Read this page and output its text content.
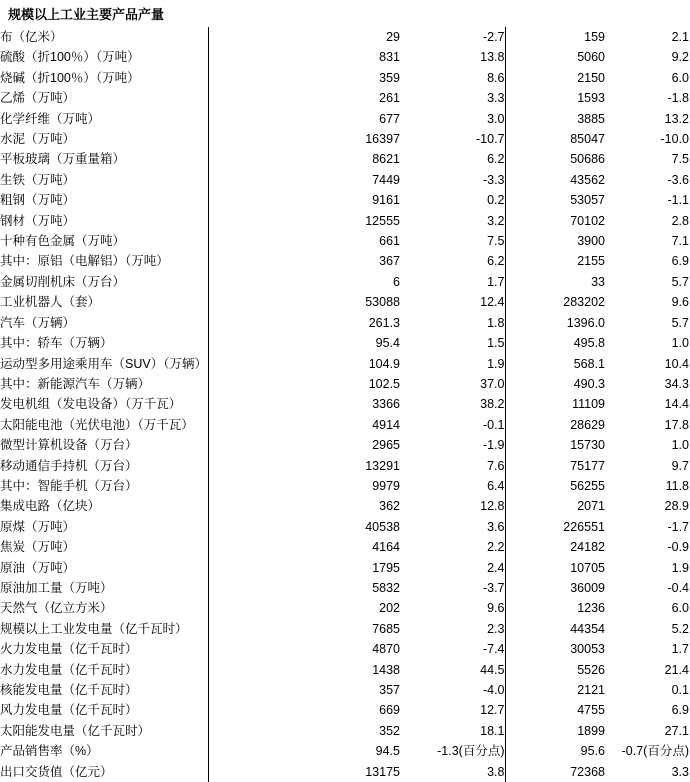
规模以上工业主要产品产量
布（亿米）	29	-2.7	159	2.1
硫酸（折100％）（万吨）	831	13.8	5060	9.2
烧碱（折100％）（万吨）	359	8.6	2150	6.0
乙烯（万吨）	261	3.3	1593	-1.8
化学纤维（万吨）	677	3.0	3885	13.2
水泥（万吨）	16397	-10.7	85047	-10.0
平板玻璃（万重量箱）	8621	6.2	50686	7.5
生铁（万吨）	7449	-3.3	43562	-3.6
粗钢（万吨）	9161	0.2	53057	-1.1
钢材（万吨）	12555	3.2	70102	2.8
十种有色金属（万吨）	661	7.5	3900	7.1
其中：原铝（电解铝）（万吨）	367	6.2	2155	6.9
金属切削机床（万台）	6	1.7	33	5.7
工业机器人（套）	53088	12.4	283202	9.6
汽车（万辆）	261.3	1.8	1396.0	5.7
其中：轿车（万辆）	95.4	1.5	495.8	1.0
运动型多用途乘用车（SUV）（万辆）	104.9	1.9	568.1	10.4
其中：新能源汽车（万辆）	102.5	37.0	490.3	34.3
发电机组（发电设备）（万千瓦）	3366	38.2	11109	14.4
太阳能电池（光伏电池）（万千瓦）	4914	-0.1	28629	17.8
微型计算机设备（万台）	2965	-1.9	15730	1.0
移动通信手持机（万台）	13291	7.6	75177	9.7
其中：智能手机（万台）	9979	6.4	56255	11.8
集成电路（亿块）	362	12.8	2071	28.9
原煤（万吨）	40538	3.6	226551	-1.7
焦炭（万吨）	4164	2.2	24182	-0.9
原油（万吨）	1795	2.4	10705	1.9
原油加工量（万吨）	5832	-3.7	36009	-0.4
天然气（亿立方米）	202	9.6	1236	6.0
规模以上工业发电量（亿千瓦时）	7685	2.3	44354	5.2
火力发电量（亿千瓦时）	4870	-7.4	30053	1.7
水力发电量（亿千瓦时）	1438	44.5	5526	21.4
核能发电量（亿千瓦时）	357	-4.0	2121	0.1
风力发电量（亿千瓦时）	669	12.7	4755	6.9
太阳能发电量（亿千瓦时）	352	18.1	1899	27.1
产品销售率（%）	94.5	-1.3(百分点)	95.6	-0.7(百分点)
出口交货值（亿元）	13175	3.8	72368	3.3
